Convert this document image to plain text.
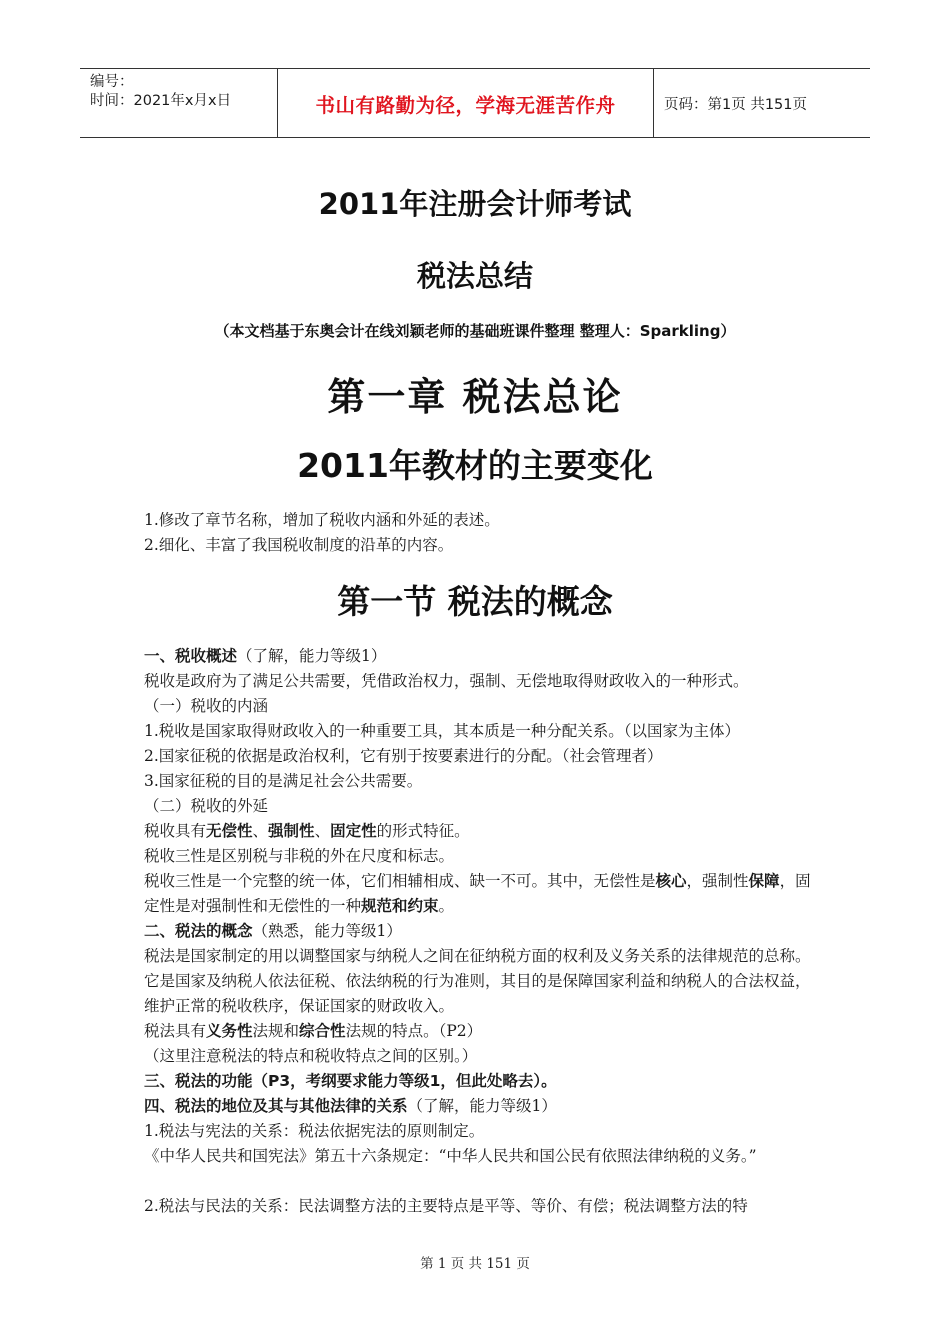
编号：
时间：2021年x月x日	书山有路勤为径，学海无涯苦作舟	页码：第1页 共151页
2011年注册会计师考试
税法总结
（本文档基于东奥会计在线刘颖老师的基础班课件整理 整理人：Sparkling）
第一章 税法总论
2011年教材的主要变化
1.修改了章节名称，增加了税收内涵和外延的表述。
2.细化、丰富了我国税收制度的沿革的内容。
第一节 税法的概念
一、税收概述（了解，能力等级1）
税收是政府为了满足公共需要，凭借政治权力，强制、无偿地取得财政收入的一种形式。
（一）税收的内涵
1.税收是国家取得财政收入的一种重要工具，其本质是一种分配关系。（以国家为主体）
2.国家征税的依据是政治权利，它有别于按要素进行的分配。（社会管理者）
3.国家征税的目的是满足社会公共需要。
（二）税收的外延
税收具有无偿性、强制性、固定性的形式特征。
税收三性是区别税与非税的外在尺度和标志。
税收三性是一个完整的统一体，它们相辅相成、缺一不可。其中，无偿性是核心，强制性保障，固定性是对强制性和无偿性的一种规范和约束。
二、税法的概念（熟悉，能力等级1）
税法是国家制定的用以调整国家与纳税人之间在征纳税方面的权利及义务关系的法律规范的总称。它是国家及纳税人依法征税、依法纳税的行为准则，其目的是保障国家利益和纳税人的合法权益，维护正常的税收秩序，保证国家的财政收入。
税法具有义务性法规和综合性法规的特点。（P2）
（这里注意税法的特点和税收特点之间的区别。）
三、税法的功能（P3，考纲要求能力等级1，但此处略去）。
四、税法的地位及其与其他法律的关系（了解，能力等级1）
1.税法与宪法的关系：税法依据宪法的原则制定。
《中华人民共和国宪法》第五十六条规定：“中华人民共和国公民有依照法律纳税的义务。”
2.税法与民法的关系：民法调整方法的主要特点是平等、等价、有偿；税法调整方法的特
第 1 页 共 151 页
